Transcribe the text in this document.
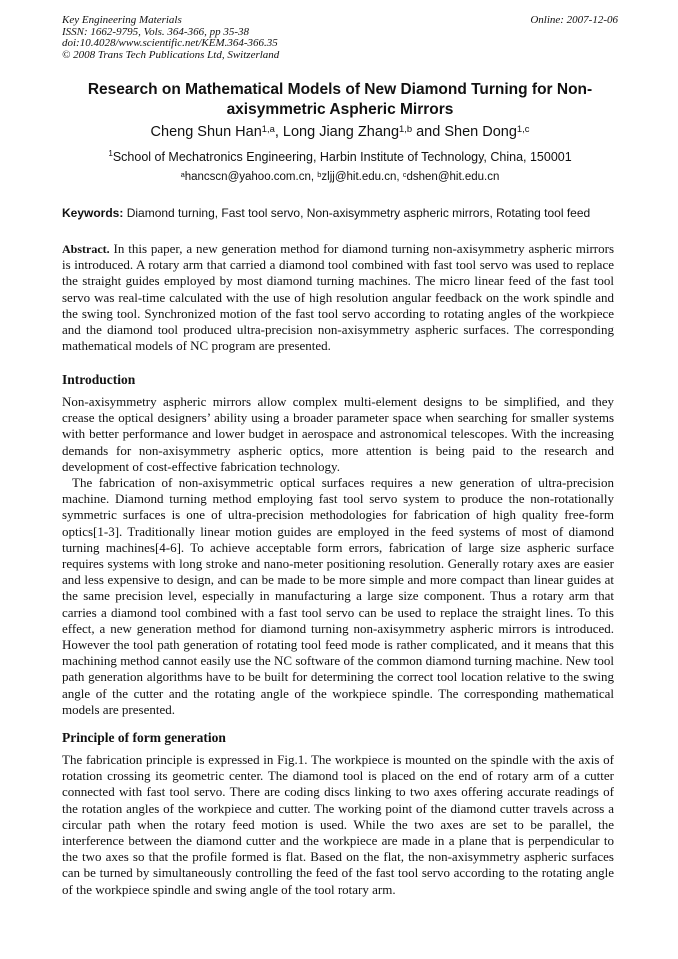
Key Engineering Materials
ISSN: 1662-9795, Vols. 364-366, pp 35-38
doi:10.4028/www.scientific.net/KEM.364-366.35
© 2008 Trans Tech Publications Ltd, Switzerland
Online: 2007-12-06
Research on Mathematical Models of New Diamond Turning for Non-axisymmetric Aspheric Mirrors
Cheng Shun Han$^{1,a}$, Long Jiang Zhang$^{1,b}$ and Shen Dong$^{1,c}$
$^1$School of Mechatronics Engineering, Harbin Institute of Technology, China, 150001
$^a$hancscn@yahoo.com.cn, $^b$zljj@hit.edu.cn, $^c$dshen@hit.edu.cn
Keywords: Diamond turning, Fast tool servo, Non-axisymmetry aspheric mirrors, Rotating tool feed

Abstract. In this paper, a new generation method for diamond turning non-axisymmetry aspheric mirrors is introduced. A rotary arm that carried a diamond tool combined with fast tool servo was used to replace the straight guides employed by most diamond turning machines. The micro linear feed of the fast tool servo was real-time calculated with the use of high resolution angular feedback on the work spindle and the swing tool. Synchronized motion of the fast tool servo according to rotating angles of the workpiece and the diamond tool produced ultra-precision non-axisymmetry aspheric surfaces. The corresponding mathematical models of NC program are presented.

Introduction

Non-axisymmetry aspheric mirrors allow complex multi-element designs to be simplified, and they crease the optical designers’ ability using a broader parameter space when searching for smaller systems with better performance and lower budget in aerospace and astronomical telescopes. With the increasing demands for non-axisymmetry aspheric optics, more attention is being paid to the research and development of cost-effective fabrication technology.

The fabrication of non-axisymmetric optical surfaces requires a new generation of ultra-precision machine. Diamond turning method employing fast tool servo system to produce the non-rotationally symmetric surfaces is one of ultra-precision methodologies for fabrication of high quality free-form optics[1-3]. Traditionally linear motion guides are employed in the feed systems of most of diamond turning machines[4-6]. To achieve acceptable form errors, fabrication of large size aspheric surface requires systems with long stroke and nano-meter positioning resolution. Generally rotary axes are easier and less expensive to design, and can be made to be more simple and more compact than linear guides at the same precision level, especially in manufacturing a large size component. Thus a rotary arm that carries a diamond tool combined with a fast tool servo can be used to replace the straight lines. To this effect, a new generation method for diamond turning non-axisymmetry aspheric mirrors is introduced. However the tool path generation of rotating tool feed mode is rather complicated, and it means that this machining method cannot easily use the NC software of the common diamond turning machine. New tool path generation algorithms have to be built for determining the correct tool location relative to the swing angle of the cutter and the rotating angle of the workpiece spindle. The corresponding mathematical models are presented.

Principle of form generation

The fabrication principle is expressed in Fig.1. The workpiece is mounted on the spindle with the axis of rotation crossing its geometric center. The diamond tool is placed on the end of rotary arm of a cutter connected with fast tool servo. There are coding discs linking to two axes offering accurate readings of the rotation angles of the workpiece and cutter. The working point of the diamond cutter travels across a circular path when the rotary feed motion is used. While the two axes are set to be parallel, the interference between the diamond cutter and the workpiece are made in a plane that is perpendicular to the two axes so that the profile formed is flat. Based on the flat, the non-axisymmetry aspheric surfaces can be turned by simultaneously controlling the feed of the fast tool servo according to the rotating angle of the workpiece spindle and swing angle of the tool rotary arm.
